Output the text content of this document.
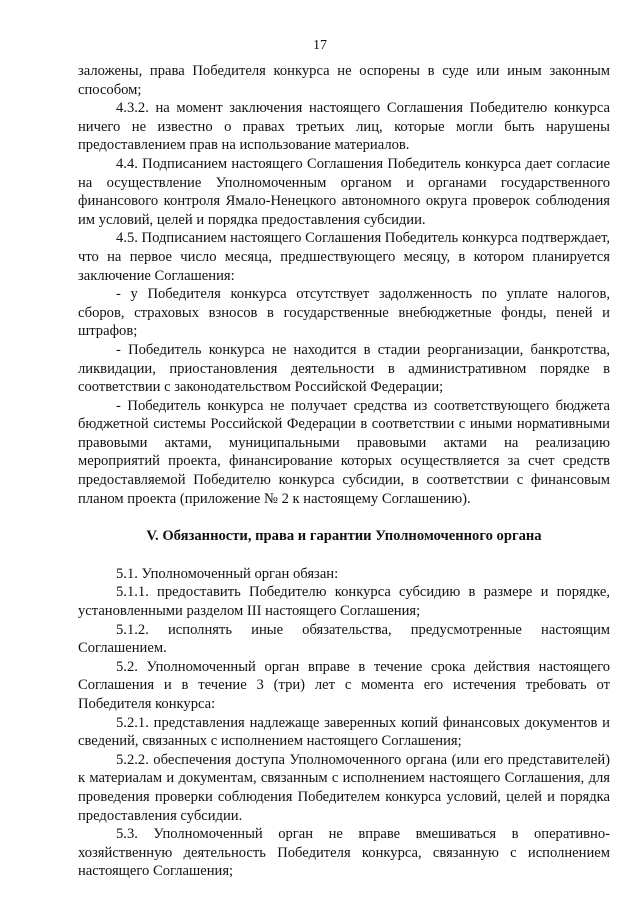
17

заложены, права Победителя конкурса не оспорены в суде или иным законным способом;

4.3.2. на момент заключения настоящего Соглашения Победителю конкурса ничего не известно о правах третьих лиц, которые могли быть нарушены предоставлением прав на использование материалов.

4.4. Подписанием настоящего Соглашения Победитель конкурса дает согласие на осуществление Уполномоченным органом и органами государственного финансового контроля Ямало-Ненецкого автономного округа проверок соблюдения им условий, целей и порядка предоставления субсидии.

4.5. Подписанием настоящего Соглашения Победитель конкурса подтверждает, что на первое число месяца, предшествующего месяцу, в котором планируется заключение Соглашения:

- у Победителя конкурса отсутствует задолженность по уплате налогов, сборов, страховых взносов в государственные внебюджетные фонды, пеней и штрафов;

- Победитель конкурса не находится в стадии реорганизации, банкротства, ликвидации, приостановления деятельности в административном порядке в соответствии с законодательством Российской Федерации;

- Победитель конкурса не получает средства из соответствующего бюджета бюджетной системы Российской Федерации в соответствии с иными нормативными правовыми актами, муниципальными правовыми актами на реализацию мероприятий проекта, финансирование которых осуществляется за счет средств предоставляемой Победителю конкурса субсидии, в соответствии с финансовым планом проекта (приложение № 2 к настоящему Соглашению).

V. Обязанности, права и гарантии Уполномоченного органа

5.1. Уполномоченный орган обязан:

5.1.1. предоставить Победителю конкурса субсидию в размере и порядке, установленными разделом III настоящего Соглашения;

5.1.2. исполнять иные обязательства, предусмотренные настоящим Соглашением.

5.2. Уполномоченный орган вправе в течение срока действия настоящего Соглашения и в течение 3 (три) лет с момента его истечения требовать от Победителя конкурса:

5.2.1. представления надлежаще заверенных копий финансовых документов и сведений, связанных с исполнением настоящего Соглашения;

5.2.2. обеспечения доступа Уполномоченного органа (или его представителей) к материалам и документам, связанным с исполнением настоящего Соглашения, для проведения проверки соблюдения Победителем конкурса условий, целей и порядка предоставления субсидии.

5.3. Уполномоченный орган не вправе вмешиваться в оперативно-хозяйственную деятельность Победителя конкурса, связанную с исполнением настоящего Соглашения;
